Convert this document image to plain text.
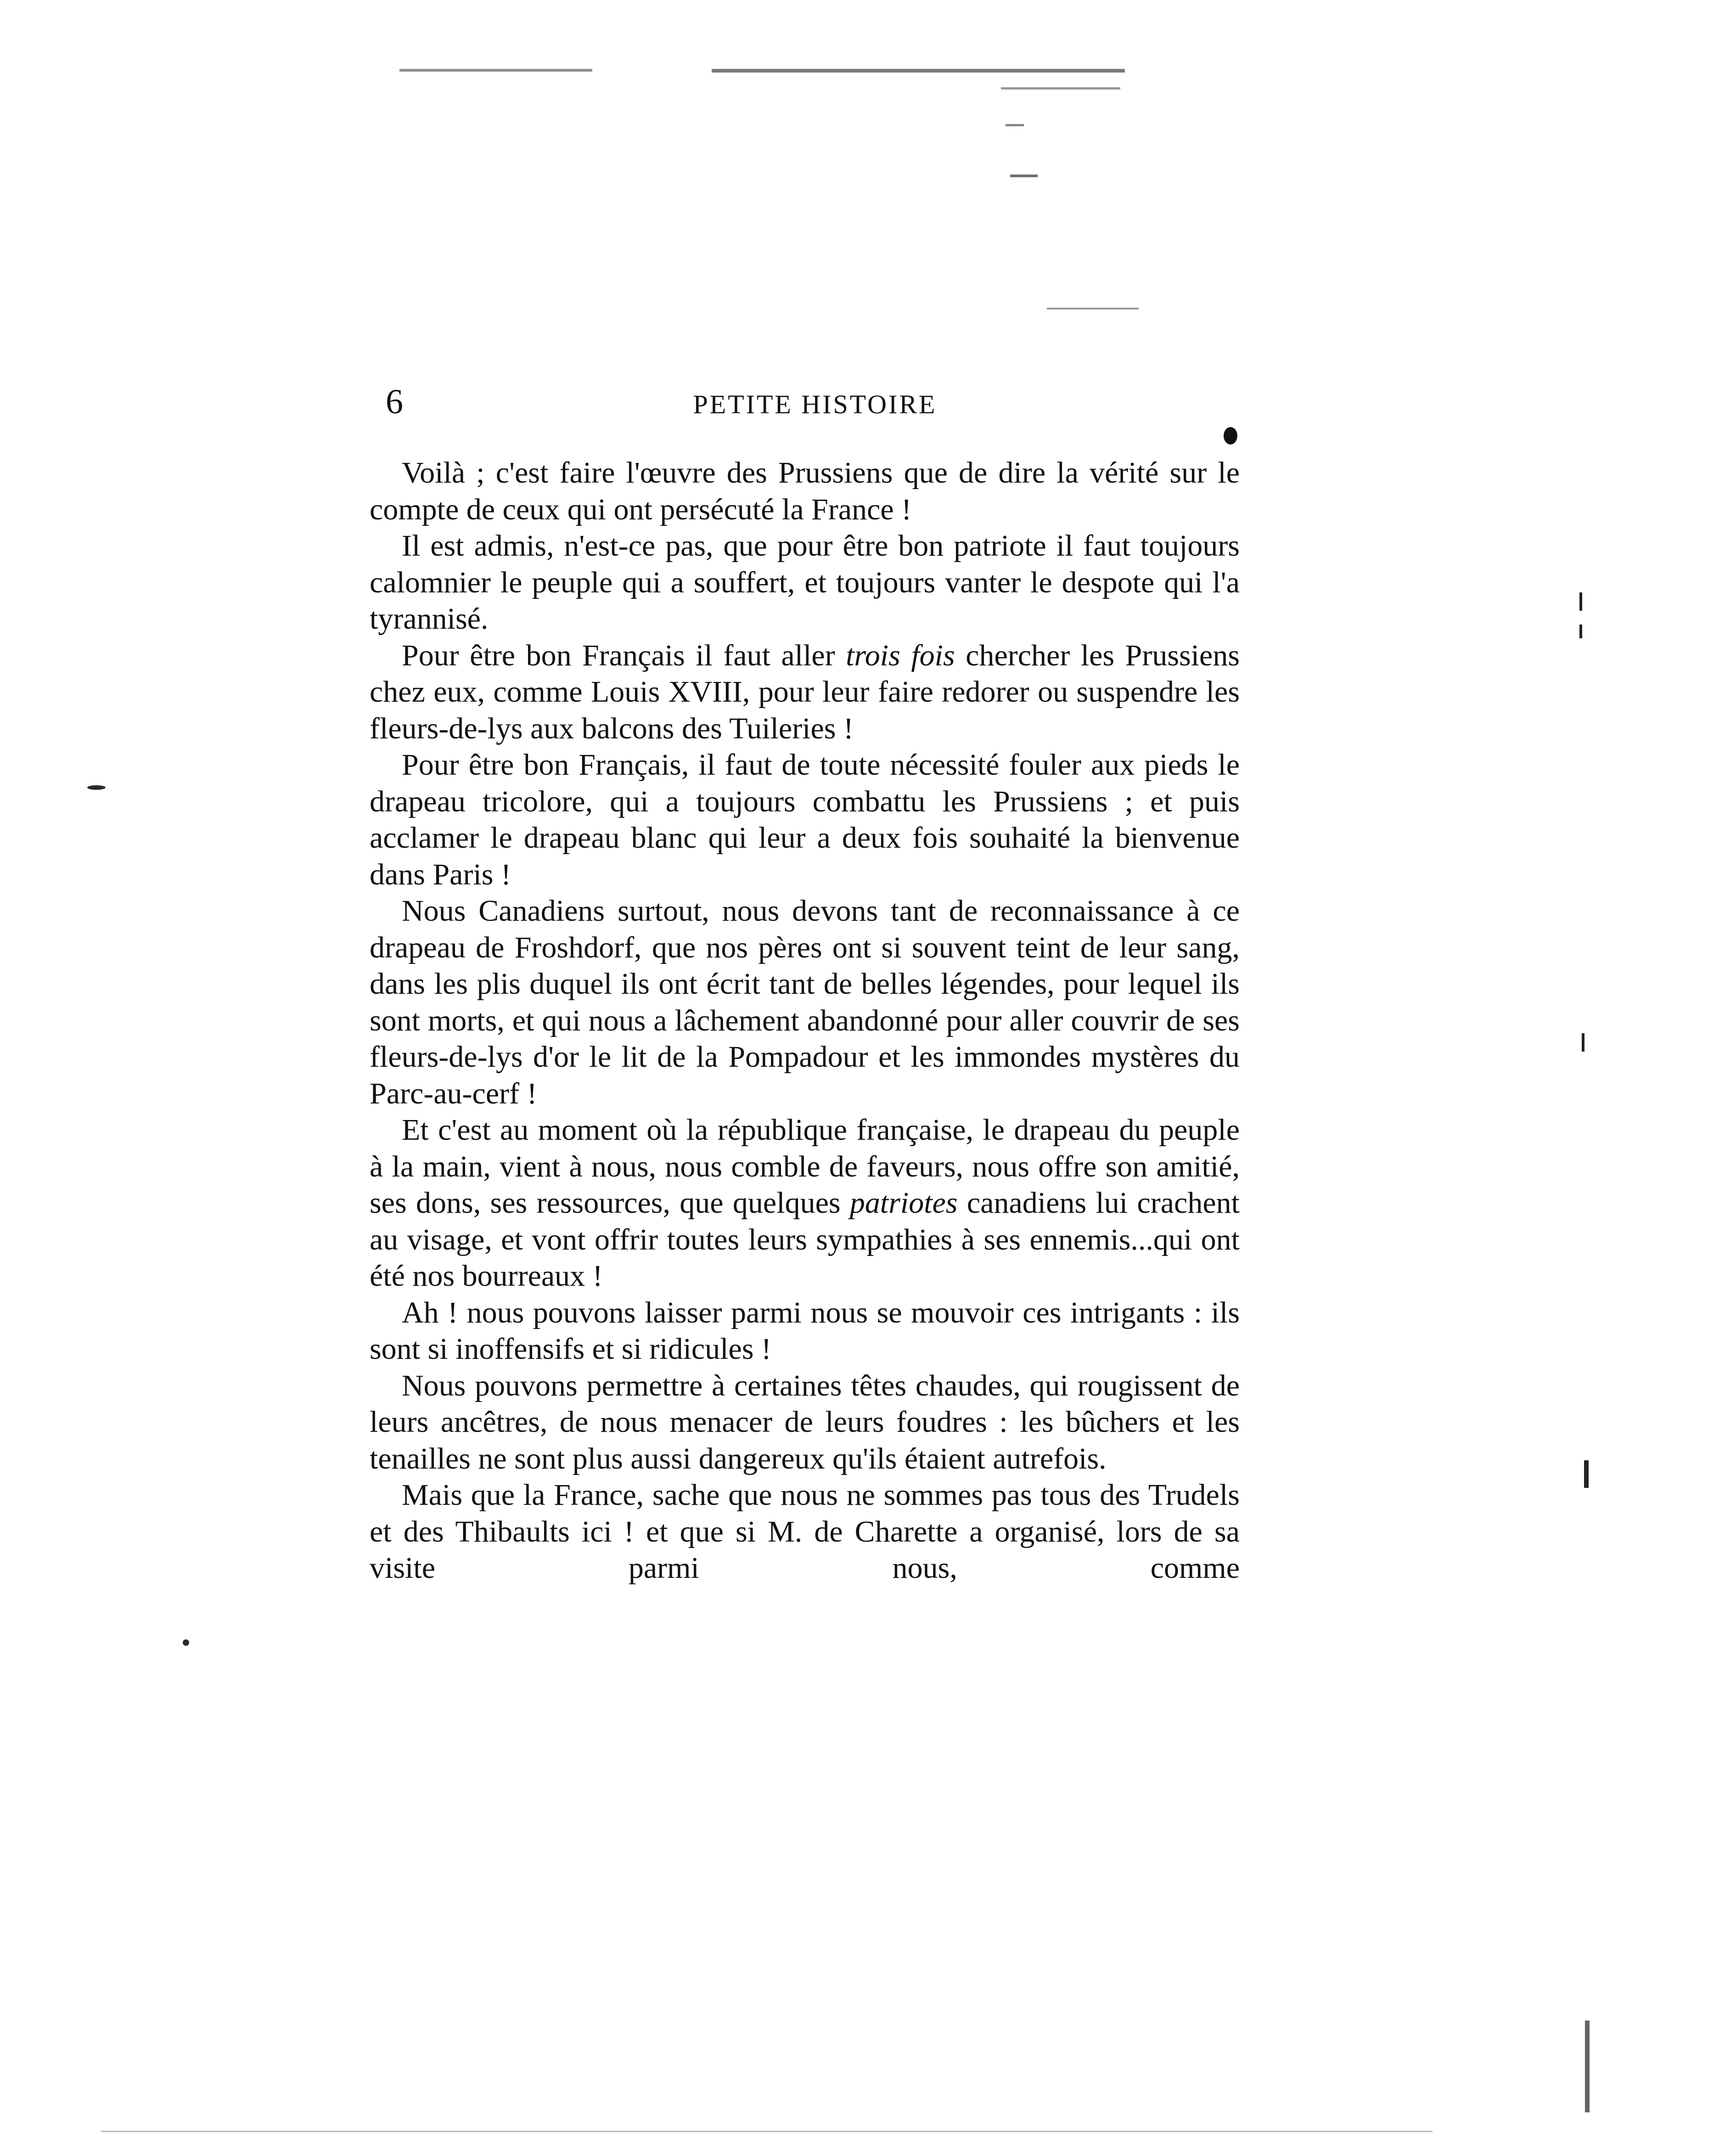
6	PETITE HISTOIRE

Voilà ; c'est faire l'œuvre des Prussiens que de dire la vérité sur le compte de ceux qui ont persécuté la France !

Il est admis, n'est-ce pas, que pour être bon patriote il faut toujours calomnier le peuple qui a souffert, et toujours vanter le despote qui l'a tyrannisé.

Pour être bon Français il faut aller trois fois chercher les Prussiens chez eux, comme Louis XVIII, pour leur faire redorer ou suspendre les fleurs-de-lys aux balcons des Tuileries !

Pour être bon Français, il faut de toute nécessité fouler aux pieds le drapeau tricolore, qui a toujours combattu les Prussiens ; et puis acclamer le drapeau blanc qui leur a deux fois souhaité la bienvenue dans Paris !

Nous Canadiens surtout, nous devons tant de reconnaissance à ce drapeau de Froshdorf, que nos pères ont si souvent teint de leur sang, dans les plis duquel ils ont écrit tant de belles légendes, pour lequel ils sont morts, et qui nous a lâchement abandonné pour aller couvrir de ses fleurs-de-lys d'or le lit de la Pompadour et les immondes mystères du Parc-au-cerf !

Et c'est au moment où la république française, le drapeau du peuple à la main, vient à nous, nous comble de faveurs, nous offre son amitié, ses dons, ses ressources, que quelques patriotes canadiens lui crachent au visage, et vont offrir toutes leurs sympathies à ses ennemis...qui ont été nos bourreaux !

Ah ! nous pouvons laisser parmi nous se mouvoir ces intrigants : ils sont si inoffensifs et si ridicules !

Nous pouvons permettre à certaines têtes chaudes, qui rougissent de leurs ancêtres, de nous menacer de leurs foudres : les bûchers et les tenailles ne sont plus aussi dangereux qu'ils étaient autrefois.

Mais que la France, sache que nous ne sommes pas tous des Trudels et des Thibaults ici ! et que si M. de Charette a organisé, lors de sa visite parmi nous, comme
